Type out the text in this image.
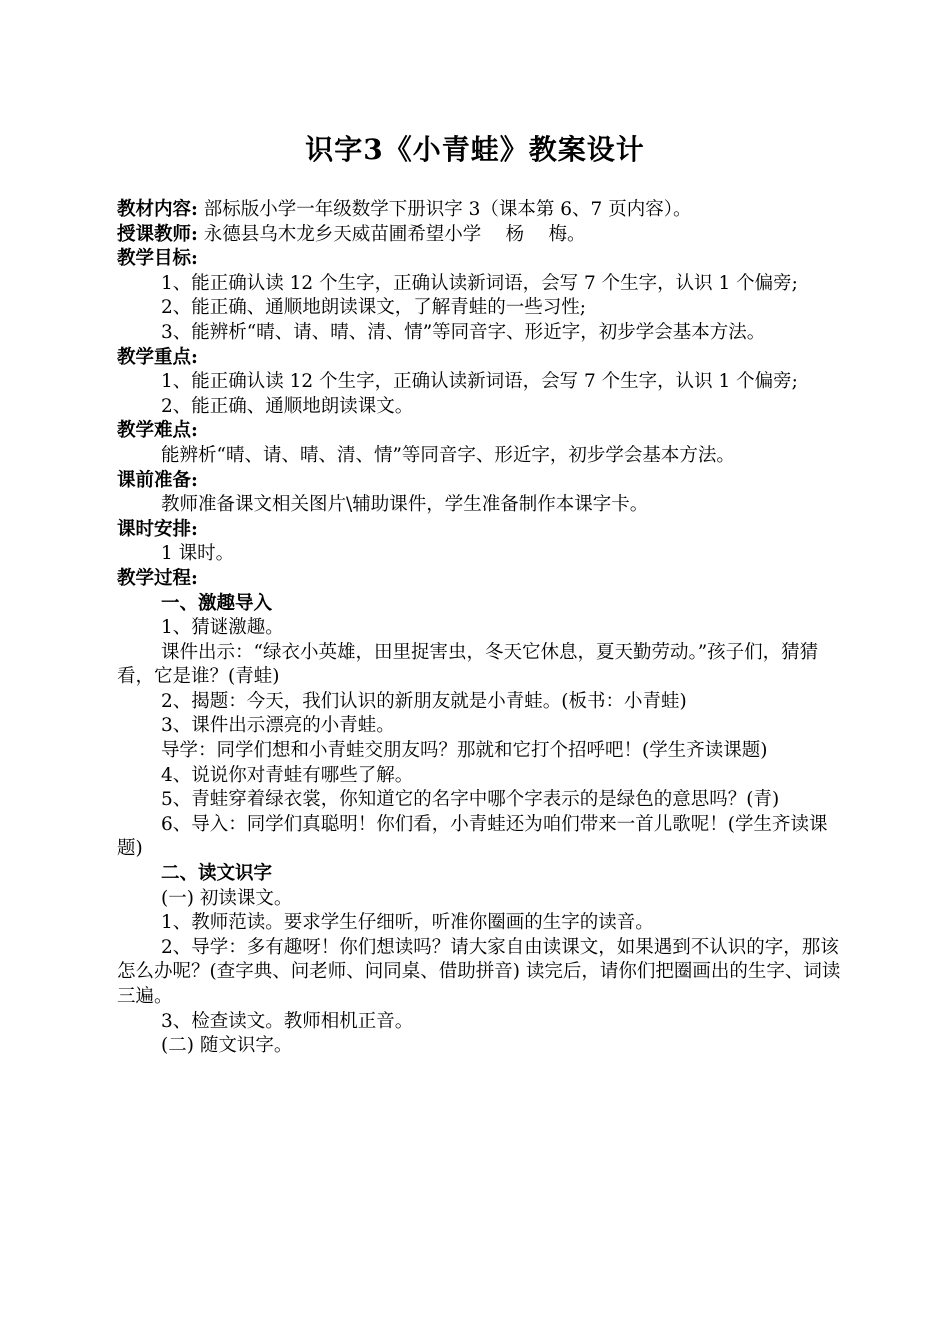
识字3《小青蛙》教案设计

教材内容: 部标版小学一年级数学下册识字 3（课本第 6、7 页内容）。

授课教师: 永德县乌木龙乡天威苗圃希望小学　 杨　 梅。

教学目标:

1、能正确认读 12 个生字，正确认读新词语，会写 7 个生字，认识 1 个偏旁;

2、能正确、通顺地朗读课文，了解青蛙的一些习性;

3、能辨析“晴、请、晴、清、情”等同音字、形近字，初步学会基本方法。

教学重点:

1、能正确认读 12 个生字，正确认读新词语，会写 7 个生字，认识 1 个偏旁;

2、能正确、通顺地朗读课文。

教学难点:

能辨析“晴、请、晴、清、情”等同音字、形近字，初步学会基本方法。

课前准备:

教师准备课文相关图片\辅助课件，学生准备制作本课字卡。

课时安排:

1 课时。

教学过程:

一、激趣导入

1、猜谜激趣。

课件出示：“绿衣小英雄，田里捉害虫，冬天它休息，夏天勤劳动。”孩子们，猜猜看，它是谁？(青蛙)

2、揭题：今天，我们认识的新朋友就是小青蛙。(板书：小青蛙)

3、课件出示漂亮的小青蛙。

导学：同学们想和小青蛙交朋友吗？那就和它打个招呼吧！(学生齐读课题)

4、说说你对青蛙有哪些了解。

5、青蛙穿着绿衣裳，你知道它的名字中哪个字表示的是绿色的意思吗？(青)

6、导入：同学们真聪明！你们看，小青蛙还为咱们带来一首儿歌呢！(学生齐读课题)

二、读文识字

(一) 初读课文。

1、教师范读。要求学生仔细听，听准你圈画的生字的读音。

2、导学：多有趣呀！你们想读吗？请大家自由读课文，如果遇到不认识的字，那该怎么办呢？(查字典、问老师、问同桌、借助拼音) 读完后，请你们把圈画出的生字、词读三遍。

3、检查读文。教师相机正音。

(二) 随文识字。
